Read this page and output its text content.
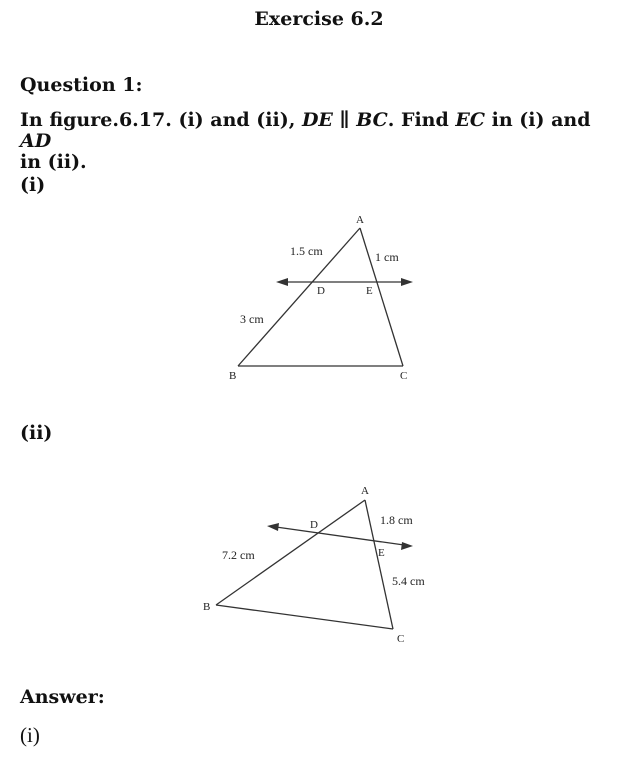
Exercise 6.2
Question 1:
In figure.6.17. (i) and (ii), DE ∥ BC. Find EC in (i) and AD
in (ii).
(i)
(ii)
A
B	C
D	E
1.5 cm
3 cm
1 cm
A
B
C
D
E
7.2 cm
1.8 cm
5.4 cm
Answer:
(i)
